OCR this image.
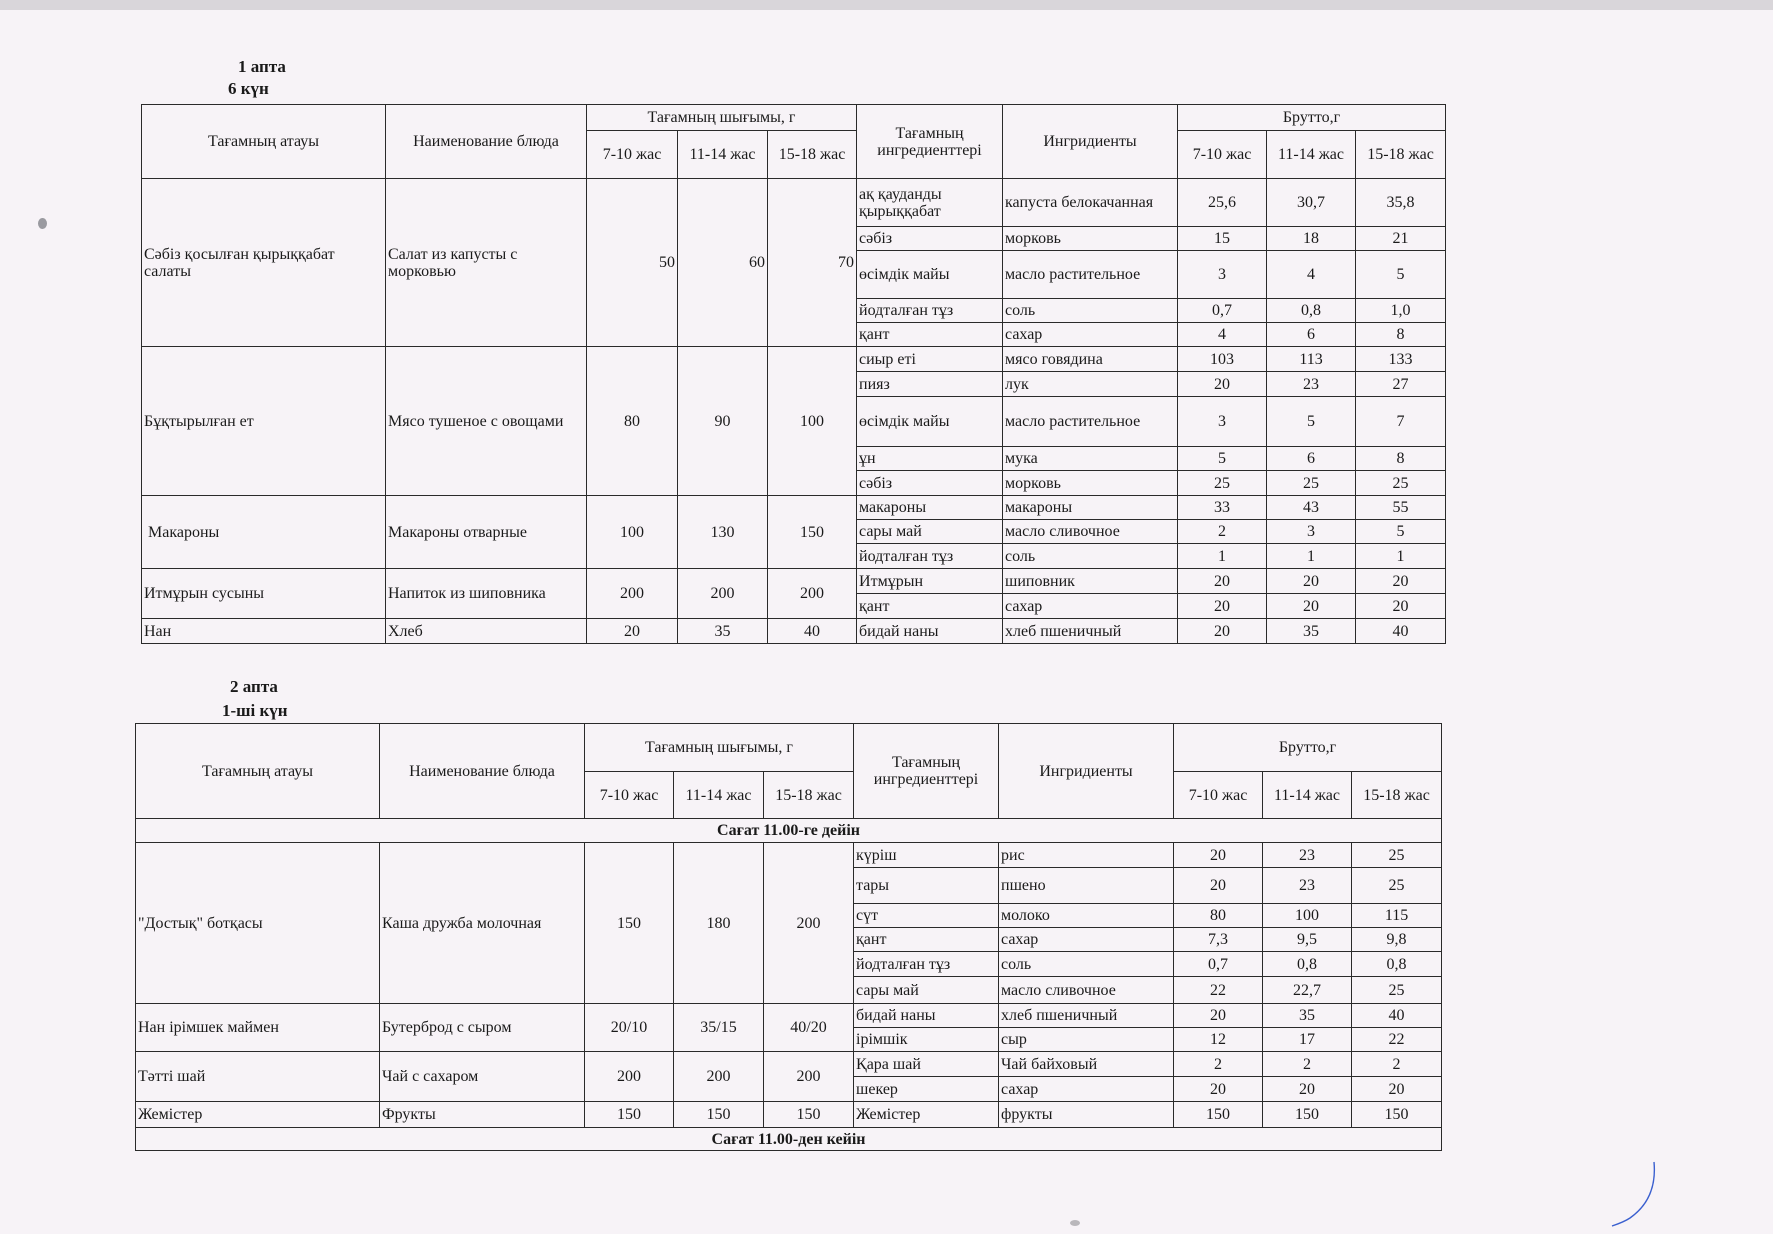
1 апта
6 күн
Тағамның атауы	Наименование блюда	Тағамның шығымы, г			Тағамның ингредиенттері	Ингридиенты	Брутто,г		
		7-10 жас	11-14 жас	15-18 жас			7-10 жас	11-14 жас	15-18 жас
Сәбіз қосылған қырыққабат салаты	Салат из капусты с морковью	50	60	70	ақ қауданды қырыққабат	капуста белокачанная	25,6	30,7	35,8
					сәбіз	морковь	15	18	21
					өсімдік майы	масло растительное	3	4	5
					йодталған тұз	соль	0,7	0,8	1,0
					қант	сахар	4	6	8
Бұқтырылған ет	Мясо тушеное с овощами	80	90	100	сиыр еті	мясо говядина	103	113	133
					пияз	лук	20	23	27
					өсімдік майы	масло растительное	3	5	7
					ұн	мука	5	6	8
					сәбіз	морковь	25	25	25
Макароны	Макароны отварные	100	130	150	макароны	макароны	33	43	55
					сары май	масло сливочное	2	3	5
					йодталған тұз	соль	1	1	1
Итмұрын сусыны	Напиток из шиповника	200	200	200	Итмұрын	шиповник	20	20	20
					қант	сахар	20	20	20
Нан	Хлеб	20	35	40	бидай наны	хлеб пшеничный	20	35	40
2 апта
1-ші күн
Тағамның атауы	Наименование блюда	Тағамның шығымы, г			Тағамның ингредиенттері	Ингридиенты	Брутто,г		
		7-10 жас	11-14 жас	15-18 жас			7-10 жас	11-14 жас	15-18 жас
Сағат 11.00-ге дейін									
"Достық" ботқасы	Каша дружба молочная	150	180	200	күріш	рис	20	23	25
					тары	пшено	20	23	25
					сүт	молоко	80	100	115
					қант	сахар	7,3	9,5	9,8
					йодталған тұз	соль	0,7	0,8	0,8
					сары май	масло сливочное	22	22,7	25
Нан ірімшек маймен	Бутерброд с сыром	20/10	35/15	40/20	бидай наны	хлеб пшеничный	20	35	40
					ірімшік	сыр	12	17	22
Тәтті шай	Чай с сахаром	200	200	200	Қара шай	Чай байховый	2	2	2
					шекер	сахар	20	20	20
Жемістер	Фрукты	150	150	150	Жемістер	фрукты	150	150	150
Сағат 11.00-ден кейін									
